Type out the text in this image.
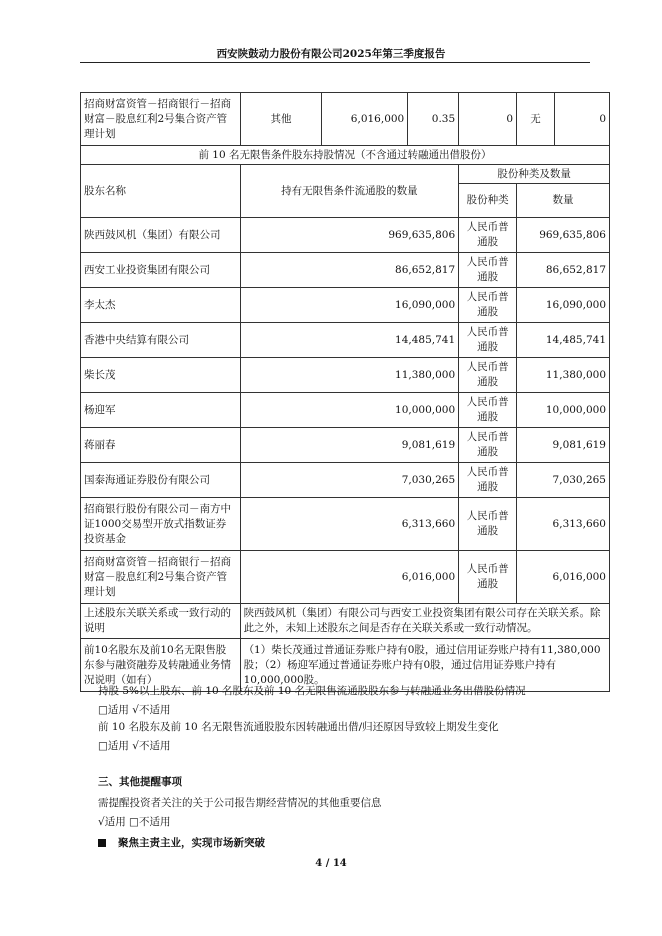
西安陕鼓动力股份有限公司2025年第三季度报告
招商财富资管－招商银行－招商财富－股息红利2号集合资产管理计划	其他	6,016,000	0.35	0	无	0
前 10 名无限售条件股东持股情况（不含通过转融通出借股份）						
股东名称	持有无限售条件流通股的数量			股份种类及数量		
				股份种类	数量	
陕西鼓风机（集团）有限公司	969,635,806			人民币普通股	969,635,806	
西安工业投资集团有限公司	86,652,817			人民币普通股	86,652,817	
李太杰	16,090,000			人民币普通股	16,090,000	
香港中央结算有限公司	14,485,741			人民币普通股	14,485,741	
柴长茂	11,380,000			人民币普通股	11,380,000	
杨迎军	10,000,000			人民币普通股	10,000,000	
蒋丽春	9,081,619			人民币普通股	9,081,619	
国泰海通证券股份有限公司	7,030,265			人民币普通股	7,030,265	
招商银行股份有限公司－南方中证1000交易型开放式指数证券投资基金	6,313,660			人民币普通股	6,313,660	
招商财富资管－招商银行－招商财富－股息红利2号集合资产管理计划	6,016,000			人民币普通股	6,016,000	
上述股东关联关系或一致行动的说明	陕西鼓风机（集团）有限公司与西安工业投资集团有限公司存在关联关系。除此之外，未知上述股东之间是否存在关联关系或一致行动情况。					
前10名股东及前10名无限售股东参与融资融券及转融通业务情况说明（如有）	（1）柴长茂通过普通证券账户持有0股，通过信用证券账户持有11,380,000股；（2）杨迎军通过普通证券账户持有0股，通过信用证券账户持有10,000,000股。					
持股 5%以上股东、前 10 名股东及前 10 名无限售流通股股东参与转融通业务出借股份情况
□适用 √不适用
前 10 名股东及前 10 名无限售流通股股东因转融通出借/归还原因导致较上期发生变化
□适用 √不适用
三、其他提醒事项
需提醒投资者关注的关于公司报告期经营情况的其他重要信息
√适用 □不适用
聚焦主责主业，实现市场新突破
4 / 14
